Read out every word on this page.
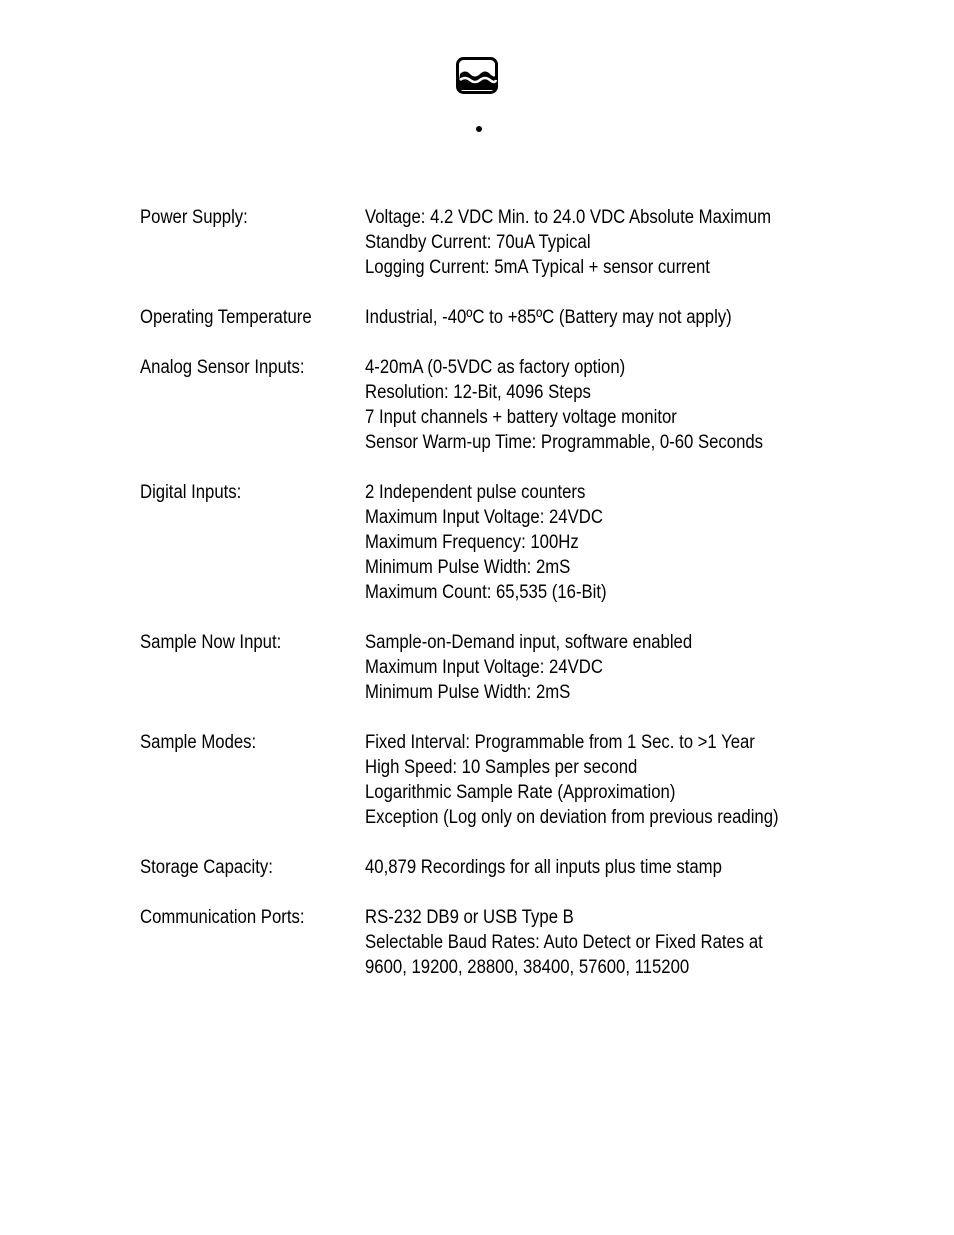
Power Supply:	Voltage: 4.2 VDC Min. to 24.0 VDC Absolute Maximum
Standby Current: 70uA Typical
Logging Current: 5mA Typical + sensor current
Operating Temperature	Industrial, -40ºC to +85ºC (Battery may not apply)
Analog Sensor Inputs:	4-20mA (0-5VDC as factory option)
Resolution: 12-Bit, 4096 Steps
7 Input channels + battery voltage monitor
Sensor Warm-up Time: Programmable, 0-60 Seconds
Digital Inputs:	2 Independent pulse counters
Maximum Input Voltage: 24VDC
Maximum Frequency: 100Hz
Minimum Pulse Width: 2mS
Maximum Count: 65,535 (16-Bit)
Sample Now Input:	Sample-on-Demand input, software enabled
Maximum Input Voltage: 24VDC
Minimum Pulse Width: 2mS
Sample Modes:	Fixed Interval: Programmable from 1 Sec. to >1 Year
High Speed: 10 Samples per second
Logarithmic Sample Rate (Approximation)
Exception (Log only on deviation from previous reading)
Storage Capacity:	40,879 Recordings for all inputs plus time stamp
Communication Ports:	RS-232 DB9 or USB Type B
Selectable Baud Rates: Auto Detect or Fixed Rates at
9600, 19200, 28800, 38400, 57600, 115200
